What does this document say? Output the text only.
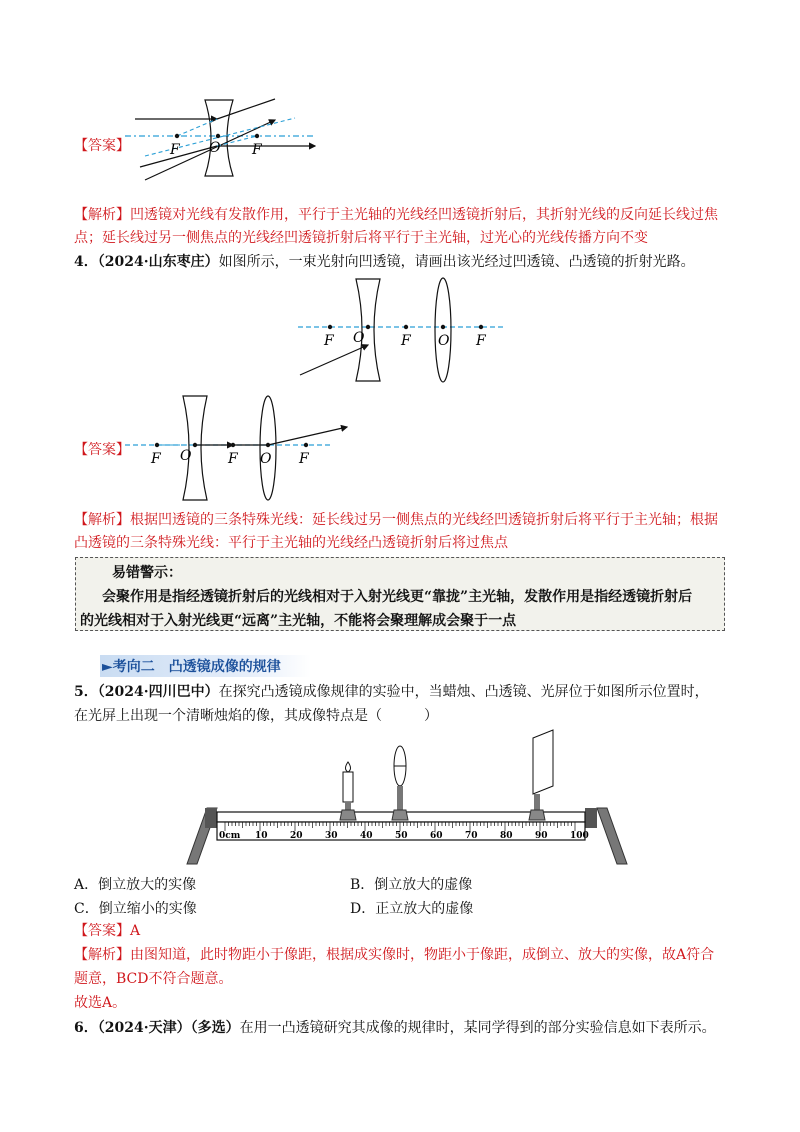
【答案】	F O F
【解析】凹透镜对光线有发散作用，平行于主光轴的光线经凹透镜折射后，其折射光线的反向延长线过焦
点；延长线过另一侧焦点的光线经凹透镜折射后将平行于主光轴，过光心的光线传播方向不变
4．（2024·山东枣庄）如图所示，一束光射向凹透镜，请画出该光经过凹透镜、凸透镜的折射光路。
F O	F O F
【答案】
F O	F O F
【解析】根据凹透镜的三条特殊光线：延长线过另一侧焦点的光线经凹透镜折射后将平行于主光轴；根据
凸透镜的三条特殊光线：平行于主光轴的光线经凸透镜折射后将过焦点
易错警示：
会聚作用是指经透镜折射后的光线相对于入射光线更“靠拢”主光轴，发散作用是指经透镜折射后
的光线相对于入射光线更“远离”主光轴，不能将会聚理解成会聚于一点
►考向二　凸透镜成像的规律
5．（2024·四川巴中）在探究凸透镜成像规律的实验中，当蜡烛、凸透镜、光屏位于如图所示位置时，
在光屏上出现一个清晰烛焰的像，其成像特点是（　　　）
0cm 10 20 30 40 50 60 70 80 90 100
A．倒立放大的实像	B．倒立放大的虚像
C．倒立缩小的实像	D．正立放大的虚像
【答案】A
【解析】由图知道，此时物距小于像距，根据成实像时，物距小于像距，成倒立、放大的实像，故A符合
题意，BCD不符合题意。
故选A。
6．（2024·天津）（多选）在用一凸透镜研究其成像的规律时，某同学得到的部分实验信息如下表所示。
